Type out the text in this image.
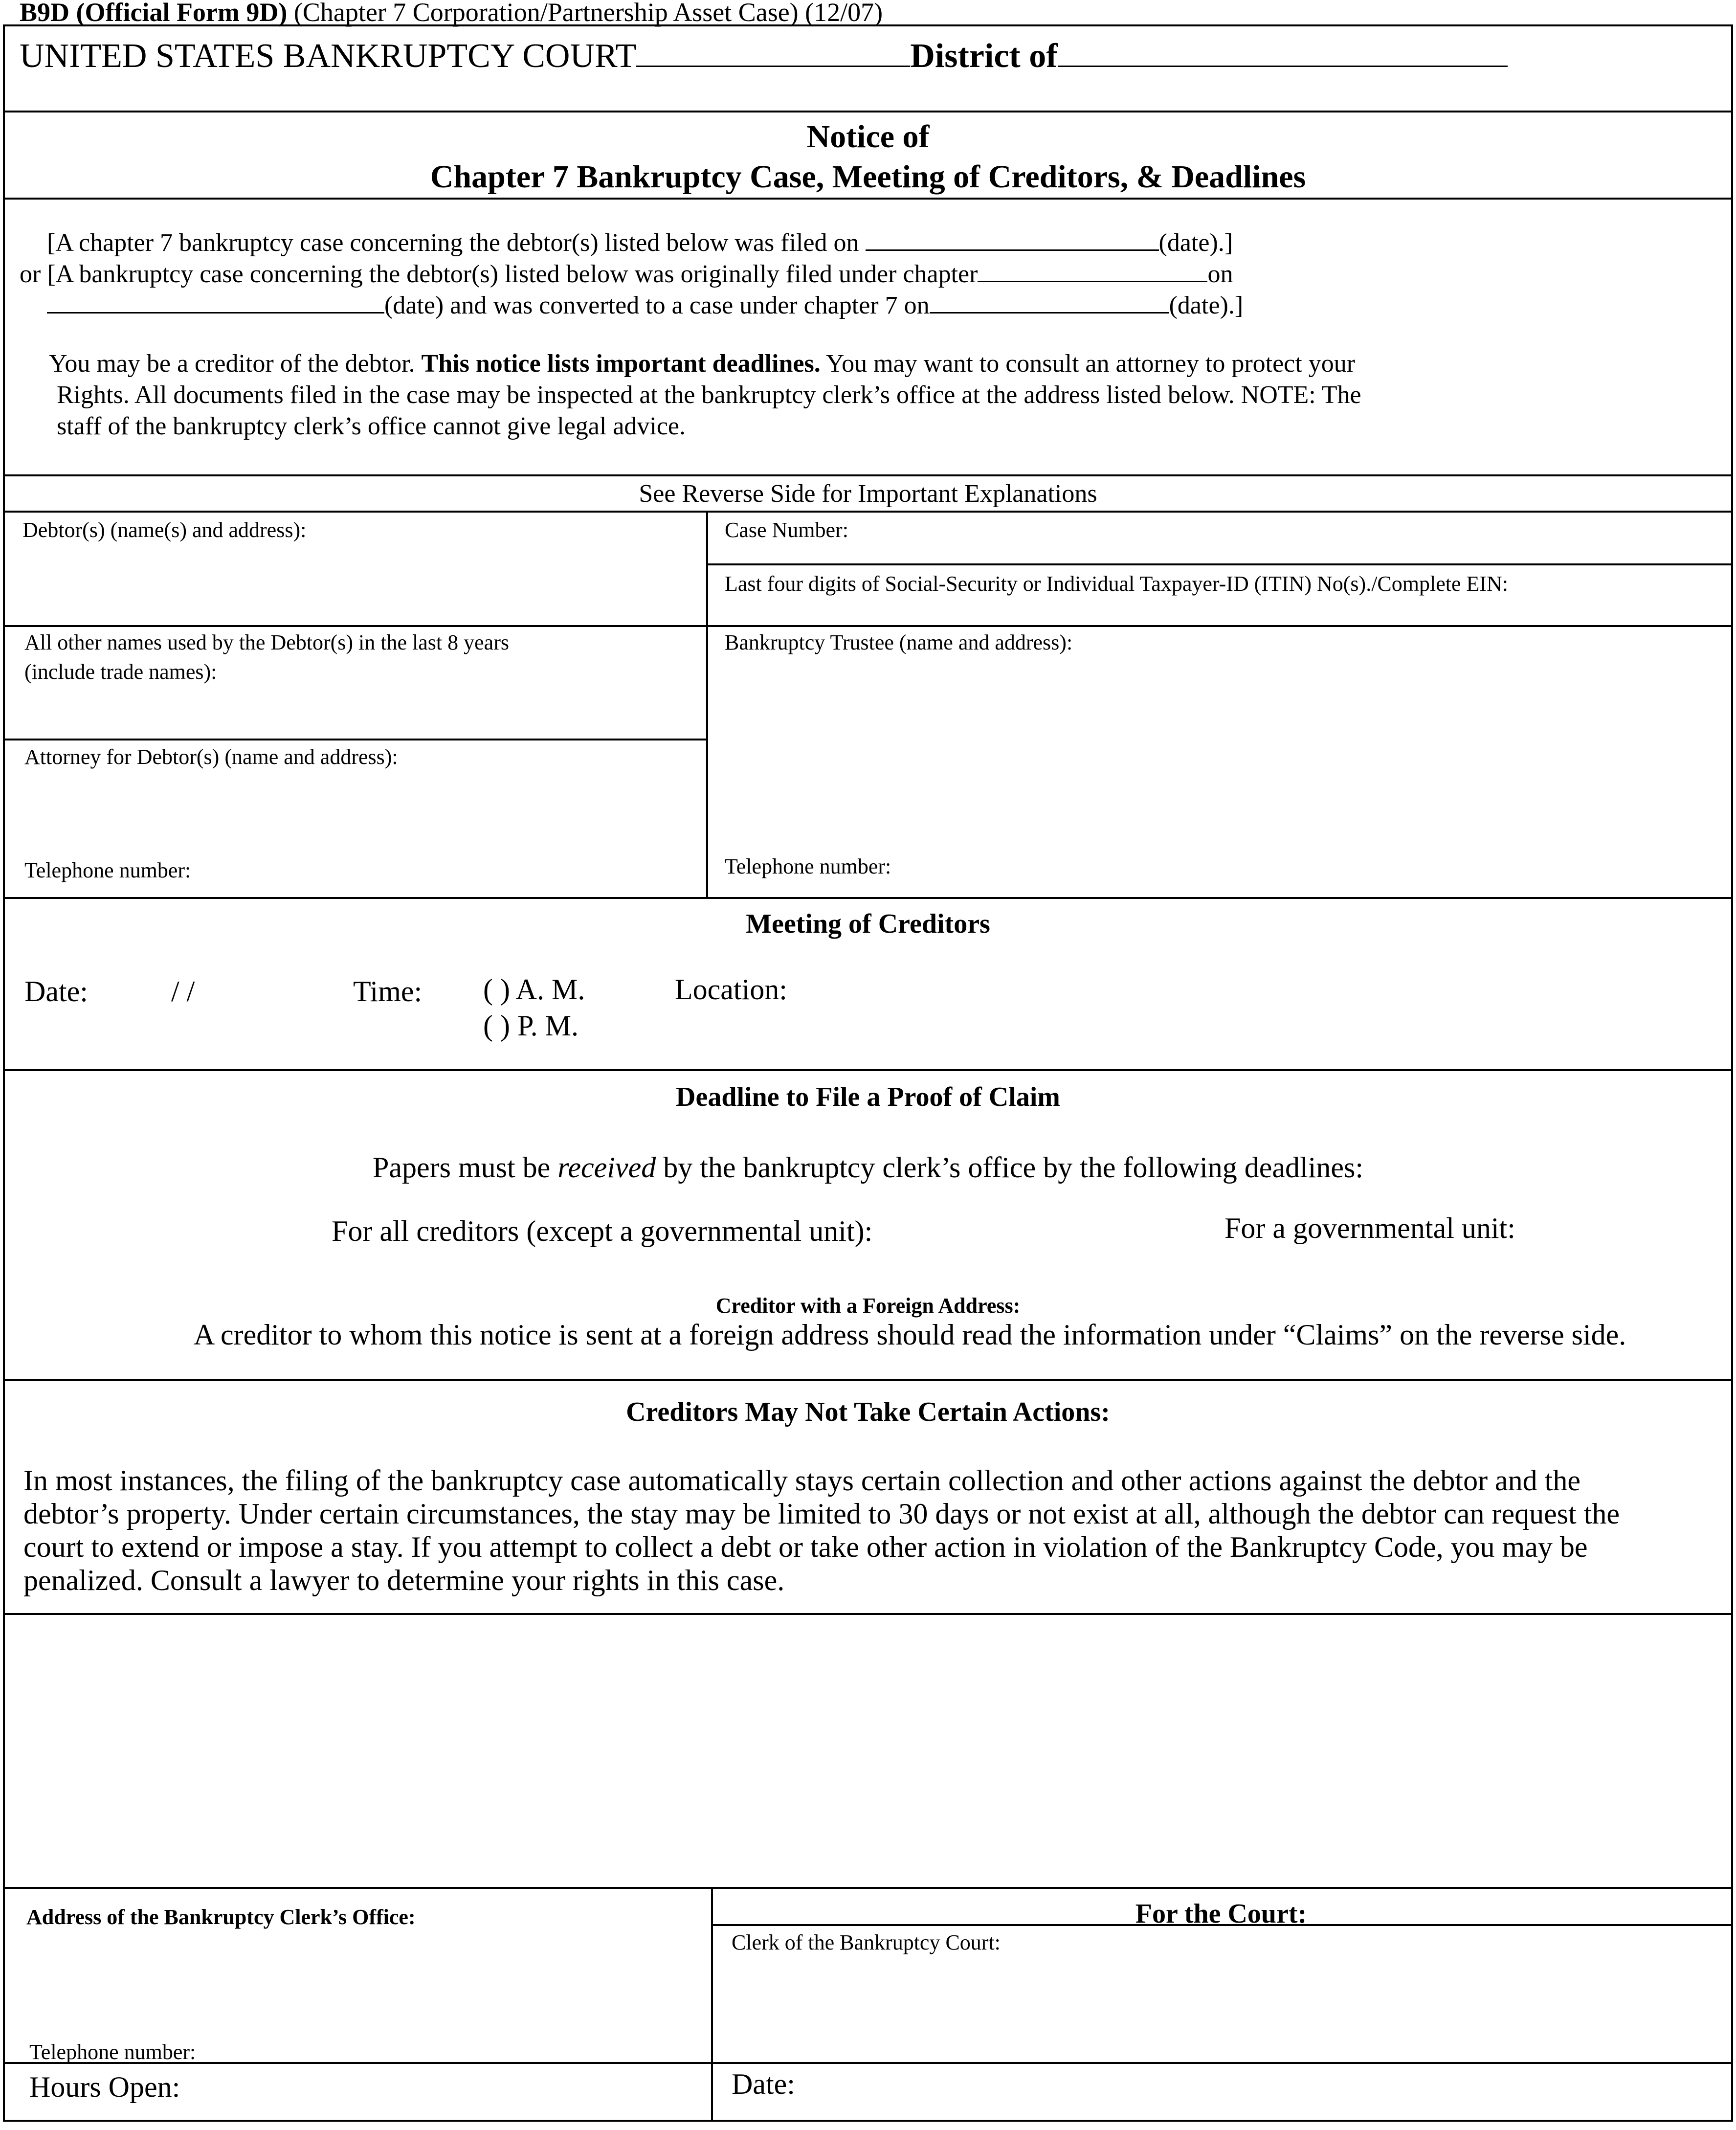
B9D (Official Form 9D) (Chapter 7 Corporation/Partnership Asset Case) (12/07)
UNITED STATES BANKRUPTCY COURT	District of
Notice of
Chapter 7 Bankruptcy Case, Meeting of Creditors, & Deadlines
[A chapter 7 bankruptcy case concerning the debtor(s) listed below was filed on	(date).]
or [A bankruptcy case concerning the debtor(s) listed below was originally filed under chapter	on
(date) and was converted to a case under chapter 7 on	(date).]
You may be a creditor of the debtor. This notice lists important deadlines. You may want to consult an attorney to protect your
Rights. All documents filed in the case may be inspected at the bankruptcy clerk’s office at the address listed below. NOTE: The
staff of the bankruptcy clerk’s office cannot give legal advice.
See Reverse Side for Important Explanations
Debtor(s) (name(s) and address):	Case Number:
Last four digits of Social-Security or Individual Taxpayer-ID (ITIN) No(s)./Complete EIN:
All other names used by the Debtor(s) in the last 8 years
(include trade names):
Bankruptcy Trustee (name and address):
Attorney for Debtor(s) (name and address):
Telephone number:	Telephone number:
Meeting of Creditors
Date:	/ /	Time: ( ) A. M.
( ) P. M.
Location:
Deadline to File a Proof of Claim
Papers must be received by the bankruptcy clerk’s office by the following deadlines:
For all creditors (except a governmental unit):	For a governmental unit:
Creditor with a Foreign Address:
A creditor to whom this notice is sent at a foreign address should read the information under “Claims” on the reverse side.
Creditors May Not Take Certain Actions:
In most instances, the filing of the bankruptcy case automatically stays certain collection and other actions against the debtor and the
debtor’s property. Under certain circumstances, the stay may be limited to 30 days or not exist at all, although the debtor can request the
court to extend or impose a stay. If you attempt to collect a debt or take other action in violation of the Bankruptcy Code, you may be
penalized. Consult a lawyer to determine your rights in this case.
Address of the Bankruptcy Clerk’s Office:	For the Court:
Clerk of the Bankruptcy Court:
Telephone number:
Hours Open:	Date:
